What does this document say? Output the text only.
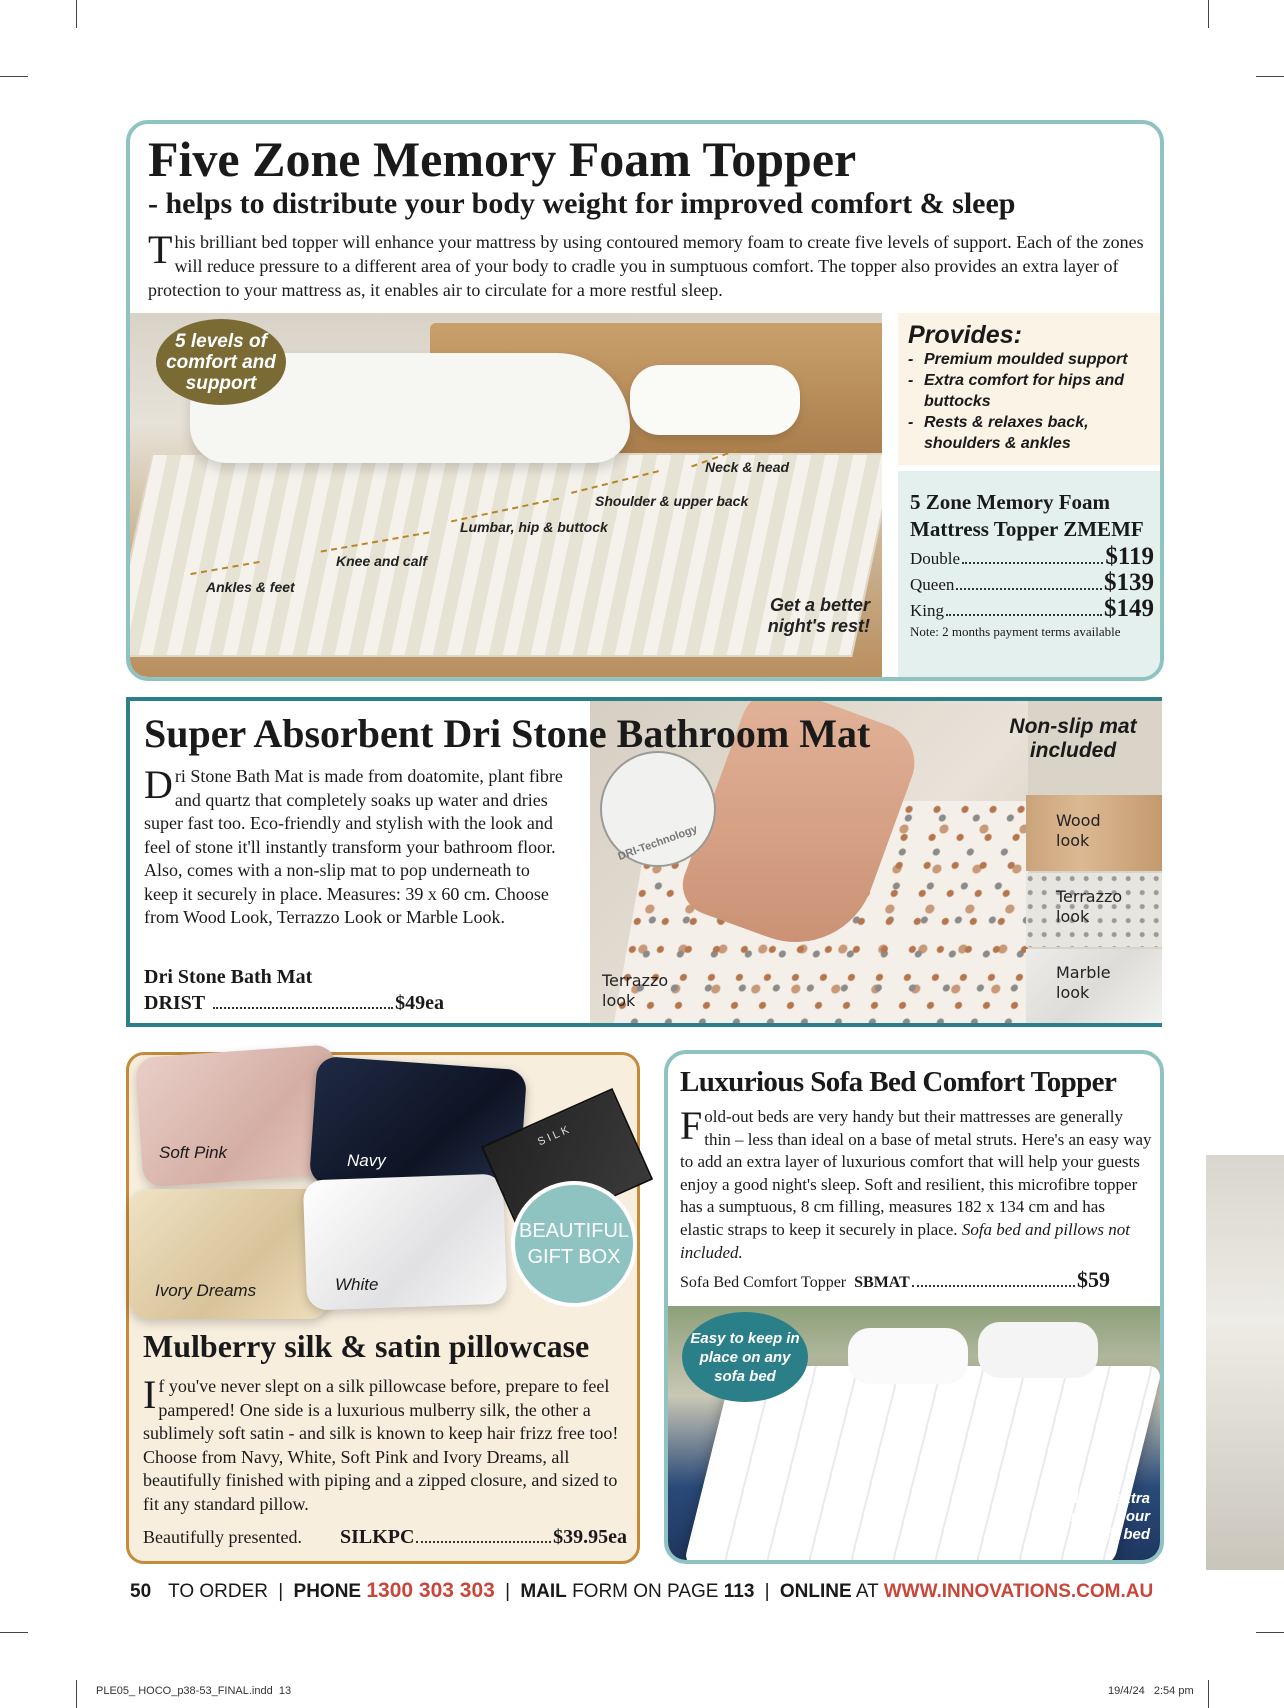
Five Zone Memory Foam Topper
- helps to distribute your body weight for improved comfort & sleep
This brilliant bed topper will enhance your mattress by using contoured memory foam to create five levels of support. Each of the zones will reduce pressure to a different area of your body to cradle you in sumptuous comfort. The topper also provides an extra layer of protection to your mattress as, it enables air to circulate for a more restful sleep.
5 levels of comfort and support
Neck & head
Shoulder & upper back
Lumbar, hip & buttock
Knee and calf
Ankles & feet
Get a better
night's rest!
Provides:
- Premium moulded support
- Extra comfort for hips and buttocks
- Rests & relaxes back, shoulders & ankles
5 Zone Memory Foam
Mattress Topper ZMEMF
Double	$119
Queen	$139
King	$149
Note: 2 months payment terms available
DRI-Technology
Terrazzo look
Super Absorbent Dri Stone Bathroom Mat
Dri Stone Bath Mat is made from doatomite, plant fibre and quartz that completely soaks up water and dries super fast too. Eco-friendly and stylish with the look and feel of stone it'll instantly transform your bathroom floor. Also, comes with a non-slip mat to pop underneath to keep it securely in place. Measures: 39 x 60 cm. Choose from Wood Look, Terrazzo Look or Marble Look.
Dri Stone Bath Mat
DRIST	$49ea
Non-slip mat included
Wood look
Terrazzo look
Marble look
SILK
Soft Pink	Navy
Ivory Dreams	White
BEAUTIFUL
GIFT BOX
Mulberry silk & satin pillowcase
If you've never slept on a silk pillowcase before, prepare to feel pampered! One side is a luxurious mulberry silk, the other a sublimely soft satin - and silk is known to keep hair frizz free too! Choose from Navy, White, Soft Pink and Ivory Dreams, all beautifully finished with piping and a zipped closure, and sized to fit any standard pillow.
Beautifully presented. SILKPC	$39.95ea
Luxurious Sofa Bed Comfort Topper
Fold-out beds are very handy but their mattresses are generally thin – less than ideal on a base of metal struts. Here's an easy way to add an extra layer of luxurious comfort that will help your guests enjoy a good night's sleep. Soft and resilient, this microfibre topper has a sumptuous, 8 cm filling, measures 182 x 134 cm and has elastic straps to keep it securely in place. Sofa bed and pillows not included.
Sofa Bed Comfort Topper SBMAT	$59
Easy to keep in place on any sofa bed
Lush extra padding for your sofa bed
50 TO ORDER | PHONE 1300 303 303 | MAIL FORM ON PAGE 113 | ONLINE AT WWW.INNOVATIONS.COM.AU
PLE05_ HOCO_p38-53_FINAL.indd  13	19/4/24   2:54 pm
